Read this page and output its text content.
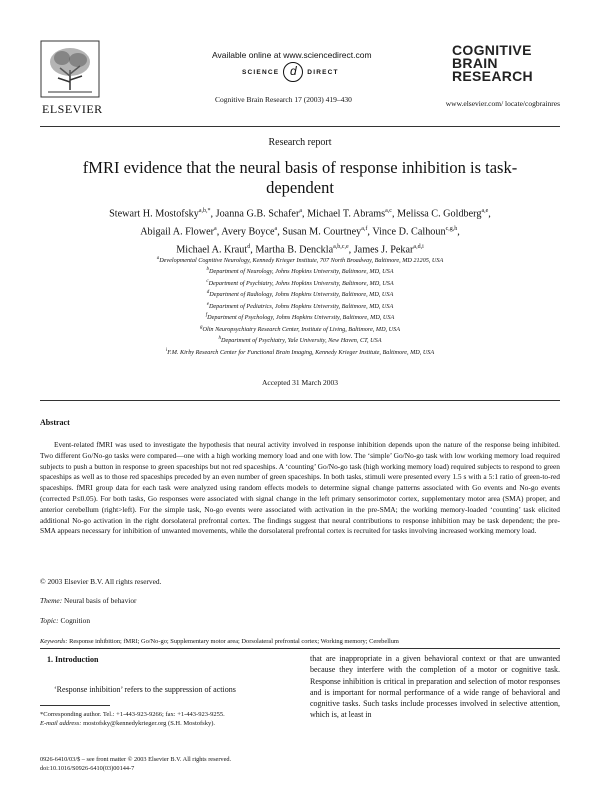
ELSEVIER
Available online at www.sciencedirect.com
SCIENCE d	DIRECT
Cognitive Brain Research 17 (2003) 419–430
COGNITIVE
BRAIN
RESEARCH
www.elsevier.com/ locate/cogbrainres
Research report
fMRI evidence that the neural basis of response inhibition is task-dependent
Stewart H. Mostofsky$^{a,b,*}$, Joanna G.B. Schafer$^a$, Michael T. Abrams$^{a,c}$, Melissa C. Goldberg$^{a,e}$,
Abigail A. Flower$^a$, Avery Boyce$^a$, Susan M. Courtney$^{a,f}$, Vince D. Calhoun$^{c,g,h}$,
Michael A. Kraut$^d$, Martha B. Denckla$^{a,b,c,e}$, James J. Pekar$^{a,d,i}$
$^a$Developmental Cognitive Neurology, Kennedy Krieger Institute, 707 North Broadway, Baltimore, MD 21205, USA
$^b$Department of Neurology, Johns Hopkins University, Baltimore, MD, USA
$^c$Department of Psychiatry, Johns Hopkins University, Baltimore, MD, USA
$^d$Department of Radiology, Johns Hopkins University, Baltimore, MD, USA
$^e$Department of Pediatrics, Johns Hopkins University, Baltimore, MD, USA
$^f$Department of Psychology, Johns Hopkins University, Baltimore, MD, USA
$^g$Olin Neuropsychiatry Research Center, Institute of Living, Baltimore, MD, USA
$^h$Department of Psychiatry, Yale University, New Haven, CT, USA
$^i$F.M. Kirby Research Center for Functional Brain Imaging, Kennedy Krieger Institute, Baltimore, MD, USA
Accepted 31 March 2003
Abstract

Event-related fMRI was used to investigate the hypothesis that neural activity involved in response inhibition depends upon the nature of the response being inhibited. Two different Go/No-go tasks were compared—one with a high working memory load and one with low. The ‘simple’ Go/No-go task with low working memory load required subjects to push a button in response to green spaceships but not red spaceships. A ‘counting’ Go/No-go task (high working memory load) required subjects to respond to green spaceships as well as to those red spaceships preceded by an even number of green spaceships. In both tasks, stimuli were presented every 1.5 s with a 5:1 ratio of green-to-red spaceships. fMRI group data for each task were analyzed using random effects models to determine signal change patterns associated with Go events and No-go events (corrected P≤0.05). For both tasks, Go responses were associated with signal change in the left primary sensorimotor cortex, supplementary motor area (SMA) proper, and anterior cerebellum (right>left). For the simple task, No-go events were associated with activation in the pre-SMA; the working memory-loaded ‘counting’ task elicited additional No-go activation in the right dorsolateral prefrontal cortex. The findings suggest that neural contributions to response inhibition may be task dependent; the pre-SMA appears necessary for inhibition of unwanted movements, while the dorsolateral prefrontal cortex is recruited for tasks involving increased working memory load.

© 2003 Elsevier B.V. All rights reserved.
Theme: Neural basis of behavior
Topic: Cognition
Keywords: Response inhibition; fMRI; Go/No-go; Supplementary motor area; Dorsolateral prefrontal cortex; Working memory; Cerebellum
1. Introduction

‘Response inhibition’ refers to the suppression of actions

*Corresponding author. Tel.: +1-443-923-9266; fax: +1-443-923-9255.

E-mail address: mostofsky@kennedykrieger.org (S.H. Mostofsky).

0926-6410/03/$ – see front matter © 2003 Elsevier B.V. All rights reserved.

doi:10.1016/S0926-6410(03)00144-7

that are inappropriate in a given behavioral context or that are unwanted because they interfere with the completion of a motor or cognitive task. Response inhibition is critical in preparation and selection of motor responses and is important for normal performance of a wide range of behavioral and cognitive tasks. Such tasks include processes involved in selective attention, which is, at least in
